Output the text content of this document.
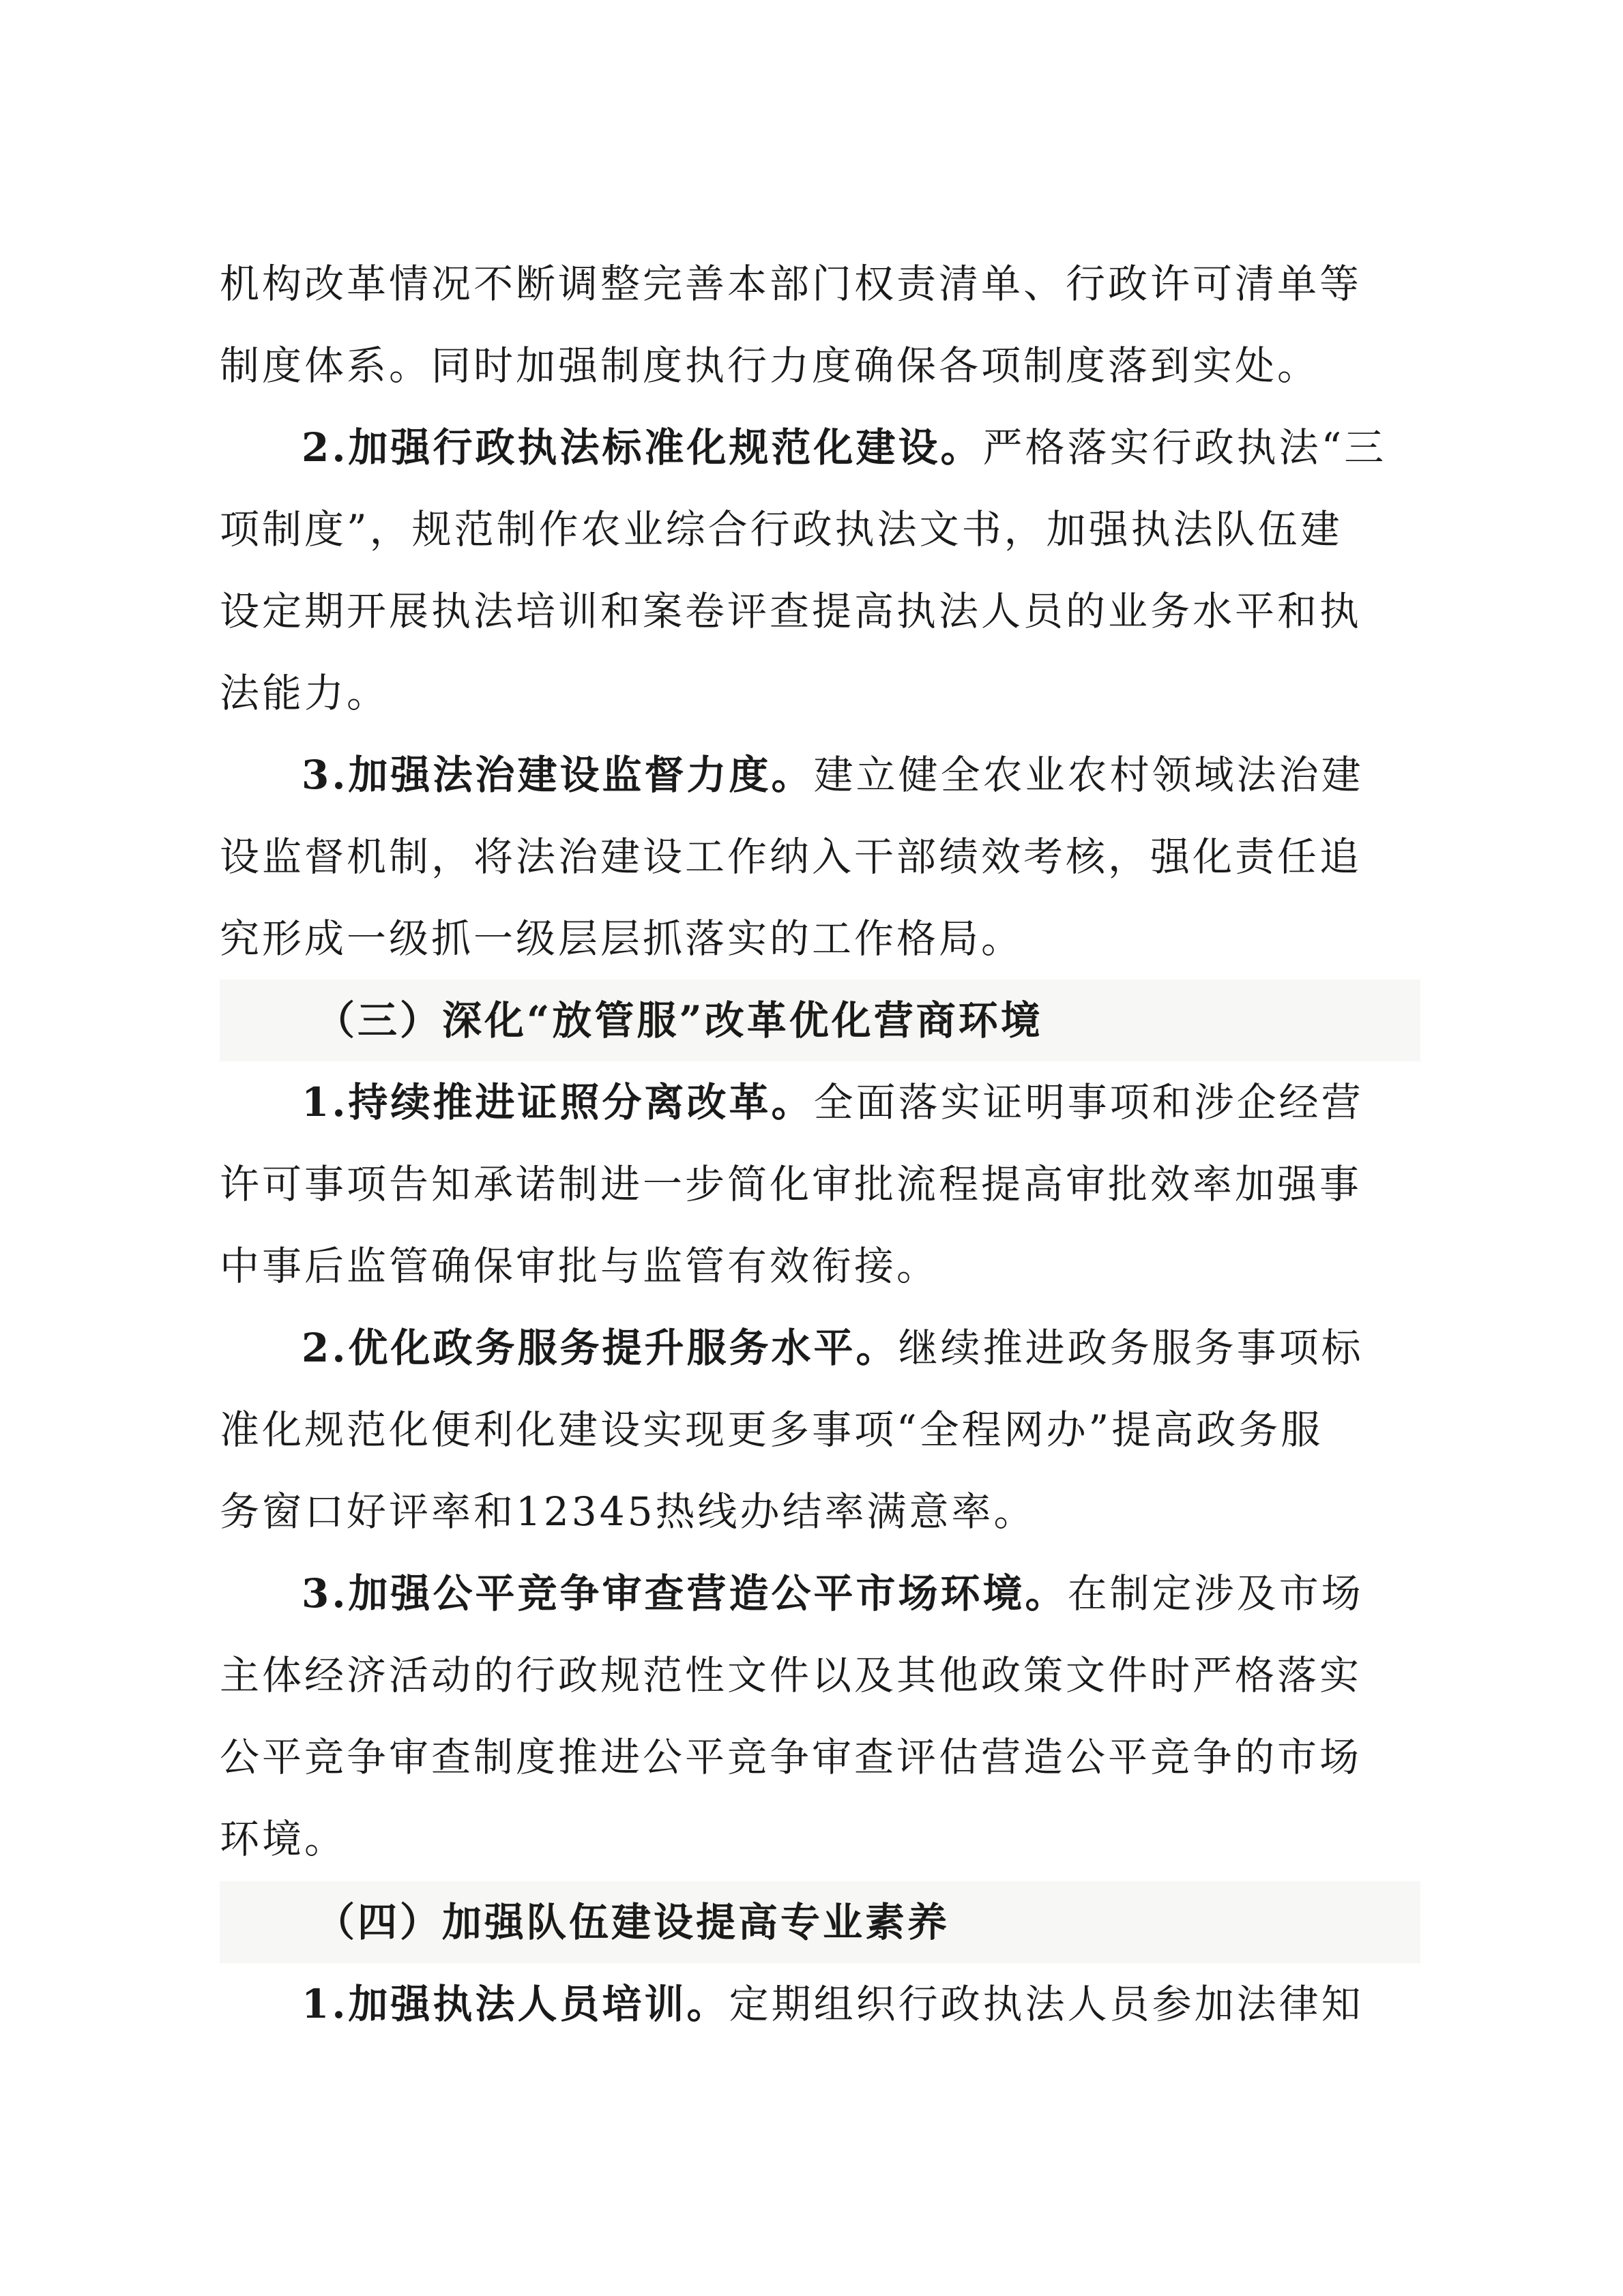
机构改革情况不断调整完善本部门权责清单、行政许可清单等
制度体系。同时加强制度执行力度确保各项制度落到实处。
2.加强行政执法标准化规范化建设。严格落实行政执法“三
项制度”，规范制作农业综合行政执法文书，加强执法队伍建
设定期开展执法培训和案卷评查提高执法人员的业务水平和执
法能力。
3.加强法治建设监督力度。建立健全农业农村领域法治建
设监督机制，将法治建设工作纳入干部绩效考核，强化责任追
究形成一级抓一级层层抓落实的工作格局。
（三）深化“放管服”改革优化营商环境
1.持续推进证照分离改革。全面落实证明事项和涉企经营
许可事项告知承诺制进一步简化审批流程提高审批效率加强事
中事后监管确保审批与监管有效衔接。
2.优化政务服务提升服务水平。继续推进政务服务事项标
准化规范化便利化建设实现更多事项“全程网办”提高政务服
务窗口好评率和12345热线办结率满意率。
3.加强公平竞争审查营造公平市场环境。在制定涉及市场
主体经济活动的行政规范性文件以及其他政策文件时严格落实
公平竞争审查制度推进公平竞争审查评估营造公平竞争的市场
环境。
（四）加强队伍建设提高专业素养
1.加强执法人员培训。定期组织行政执法人员参加法律知
